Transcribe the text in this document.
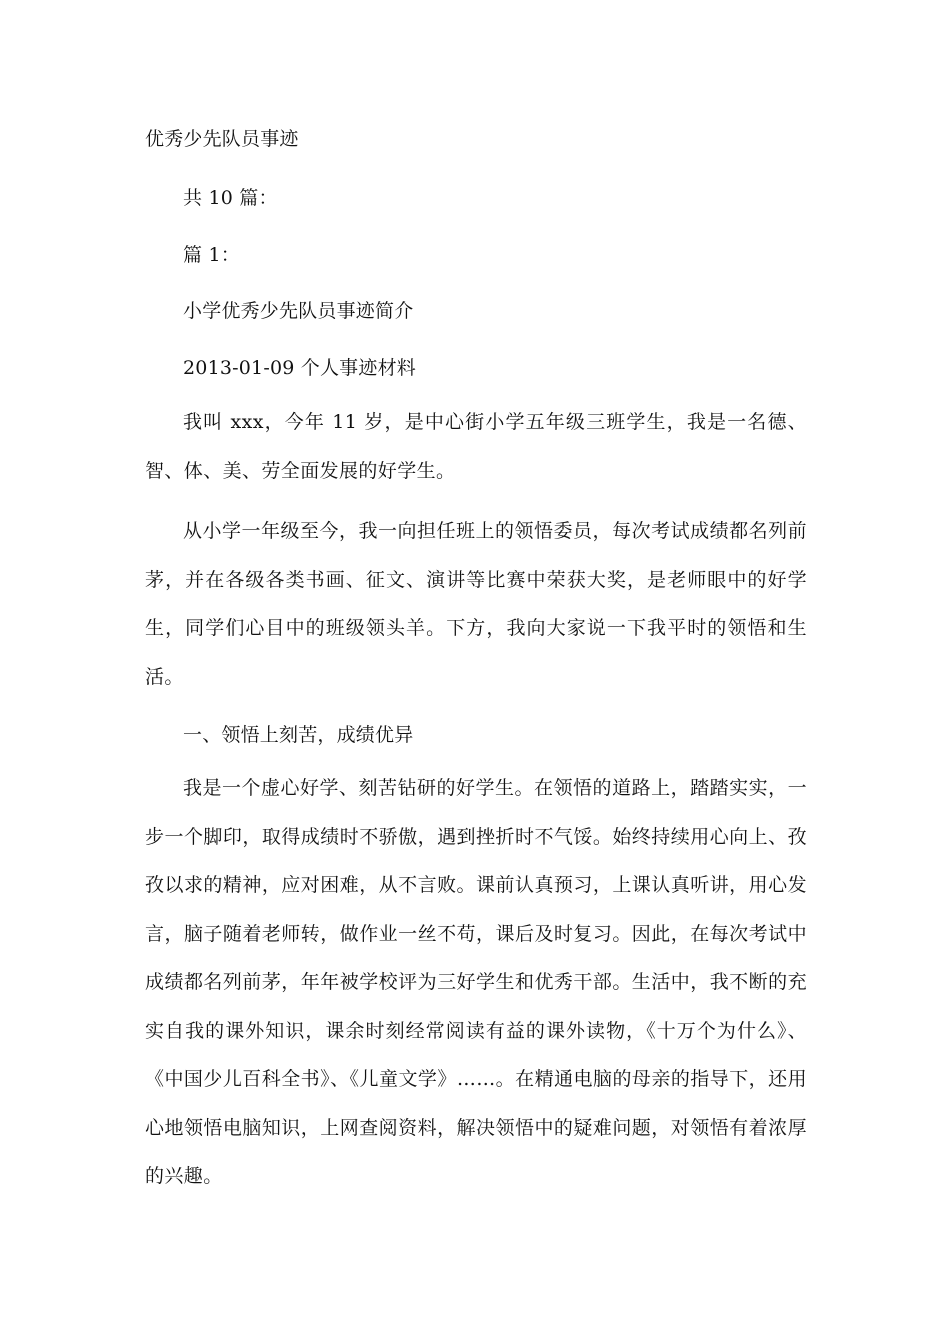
优秀少先队员事迹
共 10 篇：
篇 1：
小学优秀少先队员事迹简介
2013-01-09 个人事迹材料

我叫 xxx，今年 11 岁，是中心街小学五年级三班学生，我是一名德、智、体、美、劳全面发展的好学生。

从小学一年级至今，我一向担任班上的领悟委员，每次考试成绩都名列前茅，并在各级各类书画、征文、演讲等比赛中荣获大奖，是老师眼中的好学生，同学们心目中的班级领头羊。下方，我向大家说一下我平时的领悟和生活。

一、领悟上刻苦，成绩优异

我是一个虚心好学、刻苦钻研的好学生。在领悟的道路上，踏踏实实，一步一个脚印，取得成绩时不骄傲，遇到挫折时不气馁。始终持续用心向上、孜孜以求的精神，应对困难，从不言败。课前认真预习，上课认真听讲，用心发言，脑子随着老师转，做作业一丝不苟，课后及时复习。因此，在每次考试中成绩都名列前茅，年年被学校评为三好学生和优秀干部。生活中，我不断的充实自我的课外知识，课余时刻经常阅读有益的课外读物，《十万个为什么》、《中国少儿百科全书》、《儿童文学》……。在精通电脑的母亲的指导下，还用心地领悟电脑知识，上网查阅资料，解决领悟中的疑难问题，对领悟有着浓厚的兴趣。
